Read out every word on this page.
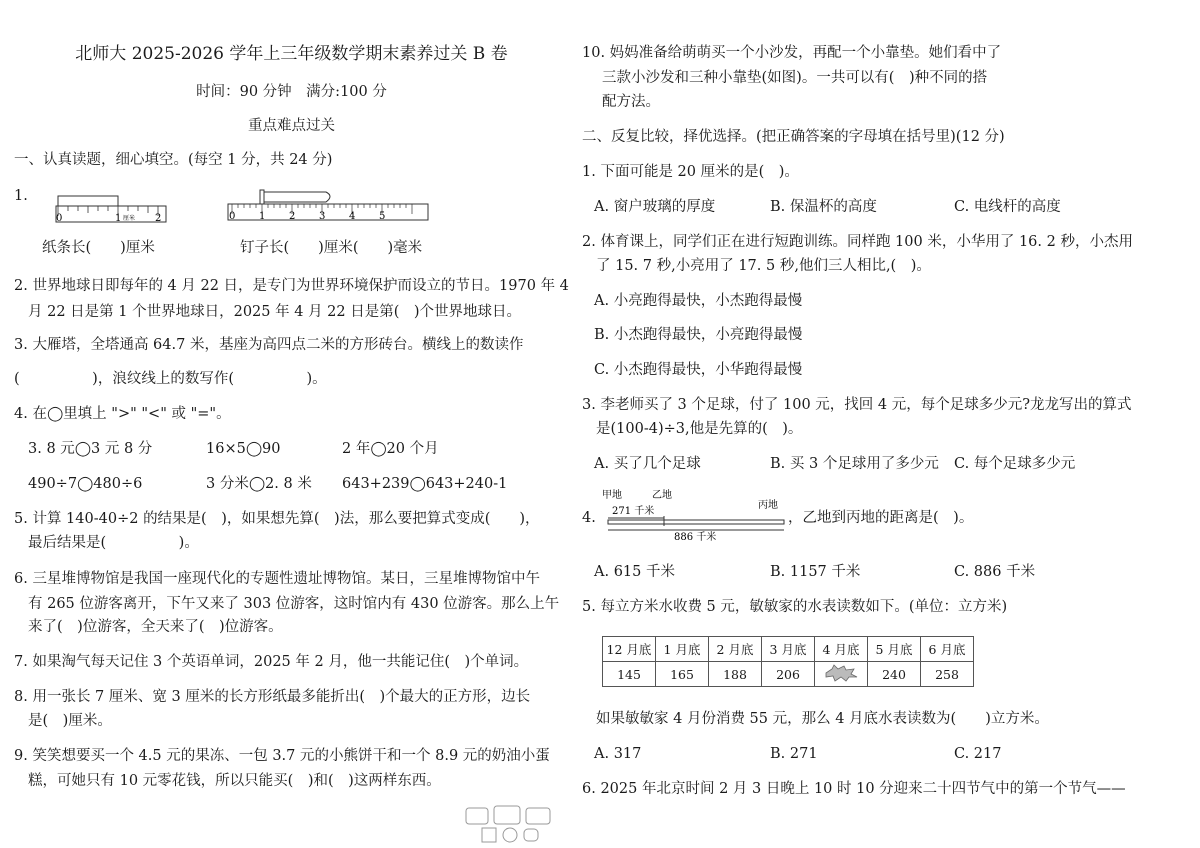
北师大 2025-2026 学年上三年级数学期末素养过关 B 卷
时间：90 分钟　满分:100 分
重点难点过关
一、认真读题，细心填空。(每空 1 分，共 24 分)
1.
0	1 厘米 2	0 1 2 3 4 5
纸条长(　　)厘米	钉子长(　　)厘米(　　)毫米
2. 世界地球日即每年的 4 月 22 日，是专门为世界环境保护而设立的节日。1970 年 4
月 22 日是第 1 个世界地球日，2025 年 4 月 22 日是第(　)个世界地球日。
3. 大雁塔，全塔通高 64.7 米，基座为高四点二米的方形砖台。横线上的数读作
(　　　　　)，浪纹线上的数写作(　　　　　)。
4. 在◯里填上 ">" "<" 或 "="。
3. 8 元◯3 元 8 分	16×5◯90	2 年◯20 个月
490÷7◯480÷6	3 分米◯2. 8 米 643+239◯643+240-1
5. 计算 140-40÷2 的结果是(　)，如果想先算(　)法，那么要把算式变成(　　)，
最后结果是(　　　　　)。
6. 三星堆博物馆是我国一座现代化的专题性遗址博物馆。某日，三星堆博物馆中午
有 265 位游客离开，下午又来了 303 位游客，这时馆内有 430 位游客。那么上午
来了(　)位游客，全天来了(　)位游客。
7. 如果淘气每天记住 3 个英语单词，2025 年 2 月，他一共能记住(　)个单词。
8. 用一张长 7 厘米、宽 3 厘米的长方形纸最多能折出(　)个最大的正方形，边长
是(　)厘米。
9. 笑笑想要买一个 4.5 元的果冻、一包 3.7 元的小熊饼干和一个 8.9 元的奶油小蛋
糕，可她只有 10 元零花钱，所以只能买(　)和(　)这两样东西。
10. 妈妈准备给萌萌买一个小沙发，再配一个小靠垫。她们看中了
三款小沙发和三种小靠垫(如图)。一共可以有(　)种不同的搭
配方法。
二、反复比较，择优选择。(把正确答案的字母填在括号里)(12 分)
1. 下面可能是 20 厘米的是(　)。
A. 窗户玻璃的厚度	B. 保温杯的高度	C. 电线杆的高度
2. 体育课上，同学们正在进行短跑训练。同样跑 100 米，小华用了 16. 2 秒，小杰用
了 15. 7 秒,小亮用了 17. 5 秒,他们三人相比,(　)。
A. 小亮跑得最快，小杰跑得最慢
B. 小杰跑得最快，小亮跑得最慢
C. 小杰跑得最快，小华跑得最慢
3. 李老师买了 3 个足球，付了 100 元，找回 4 元，每个足球多少元?龙龙写出的算式
是(100-4)÷3,他是先算的(　)。
A. 买了几个足球	B. 买 3 个足球用了多少元 C. 每个足球多少元
4.
甲地	乙地
丙地
271 千米
886 千米
，乙地到丙地的距离是(　)。
A. 615 千米	B. 1157 千米	C. 886 千米
5. 每立方米水收费 5 元，敏敏家的水表读数如下。(单位：立方米)
12 月底	1 月底	2 月底	3 月底	4 月底	5 月底	6 月底
145	165	188	206		240	258
如果敏敏家 4 月份消费 55 元，那么 4 月底水表读数为(　　)立方米。
A. 317	B. 271	C. 217
6. 2025 年北京时间 2 月 3 日晚上 10 时 10 分迎来二十四节气中的第一个节气——
